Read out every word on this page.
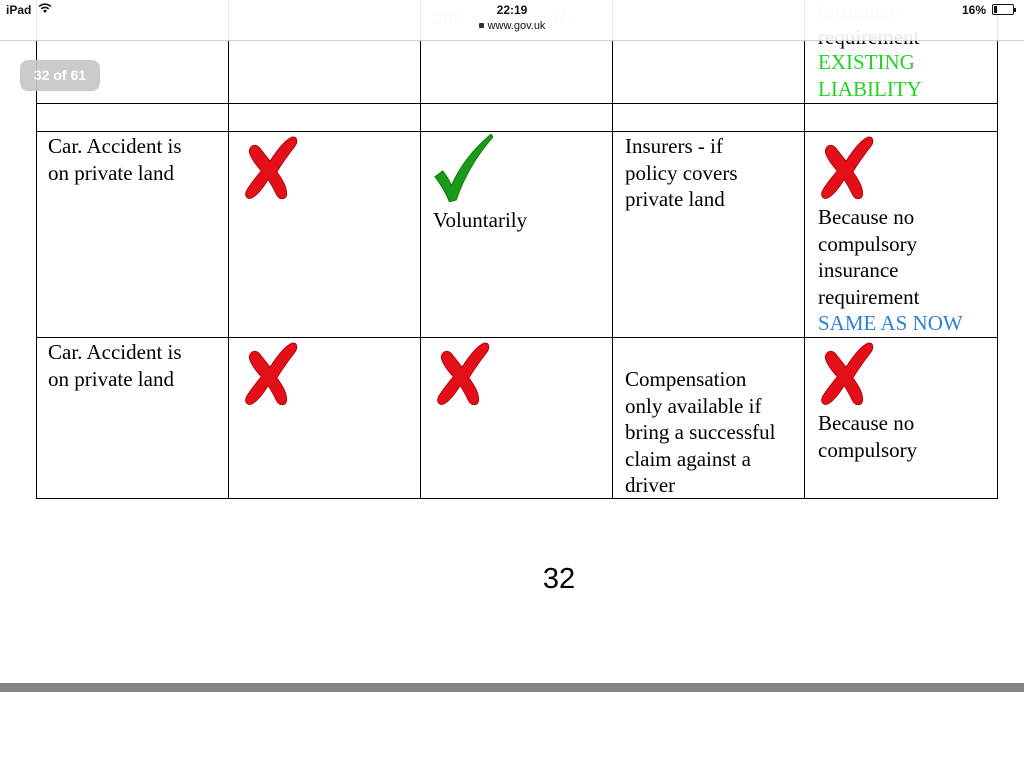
EXISTING
LIABILITY
Car. Accident is
on private land
Voluntarily
Insurers - if
policy covers
private land
Because no
compulsory
insurance
requirement
SAME AS NOW
Car. Accident is
on private land	Compensation
only available if
bring a successful
claim against a
driver
Because no
compulsory
32
iPad	22:19
www.gov.uk
16%
32 of 61
